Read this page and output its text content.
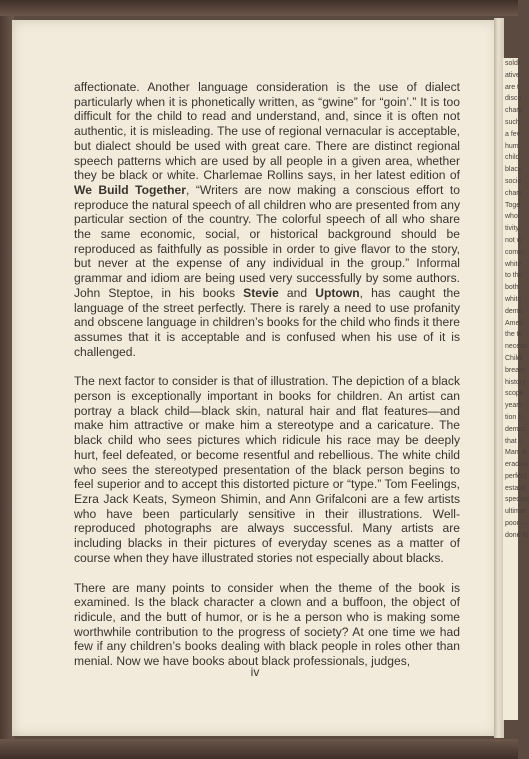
soldi
ative
are t
disco
chara
such
a fev
hum
child
black
socie
chara
Toge
whol
tivity
not w
comm
white
to the
both
white
demo
Ameri
the to
necess
Childr
breakt
history
scope
years
tion n
democ
that c
Man. A
eradica
perfect
establi
species
ultimat
poor—
done fo

affectionate. Another language consideration is the use of dialect particularly when it is phonetically written, as “gwine” for “goin’.” It is too difficult for the child to read and understand, and, since it is often not authentic, it is misleading. The use of regional vernacular is acceptable, but dialect should be used with great care. There are distinct regional speech patterns which are used by all people in a given area, whether they be black or white. Charlemae Rollins says, in her latest edition of We Build Together, “Writers are now making a conscious effort to reproduce the natural speech of all children who are presented from any particular section of the country. The colorful speech of all who share the same economic, social, or historical background should be reproduced as faithfully as possible in order to give flavor to the story, but never at the expense of any individual in the group.” Informal grammar and idiom are being used very successfully by some authors. John Steptoe, in his books Stevie and Uptown, has caught the language of the street perfectly. There is rarely a need to use profanity and obscene language in children’s books for the child who finds it there assumes that it is acceptable and is confused when his use of it is challenged.

The next factor to consider is that of illustration. The depiction of a black person is exceptionally important in books for children. An artist can portray a black child—black skin, natural hair and flat features—and make him attractive or make him a stereotype and a caricature. The black child who sees pictures which ridicule his race may be deeply hurt, feel defeated, or become resentful and rebellious. The white child who sees the stereotyped presentation of the black person begins to feel superior and to accept this distorted picture or “type.” Tom Feelings, Ezra Jack Keats, Symeon Shimin, and Ann Grifalconi are a few artists who have been particularly sensitive in their illustrations. Well-reproduced photographs are always successful. Many artists are including blacks in their pictures of everyday scenes as a matter of course when they have illustrated stories not especially about blacks.

There are many points to consider when the theme of the book is examined. Is the black character a clown and a buffoon, the object of ridicule, and the butt of humor, or is he a person who is making some worthwhile contribution to the progress of society? At one time we had few if any children’s books dealing with black people in roles other than menial. Now we have books about black professionals, judges,

iv
